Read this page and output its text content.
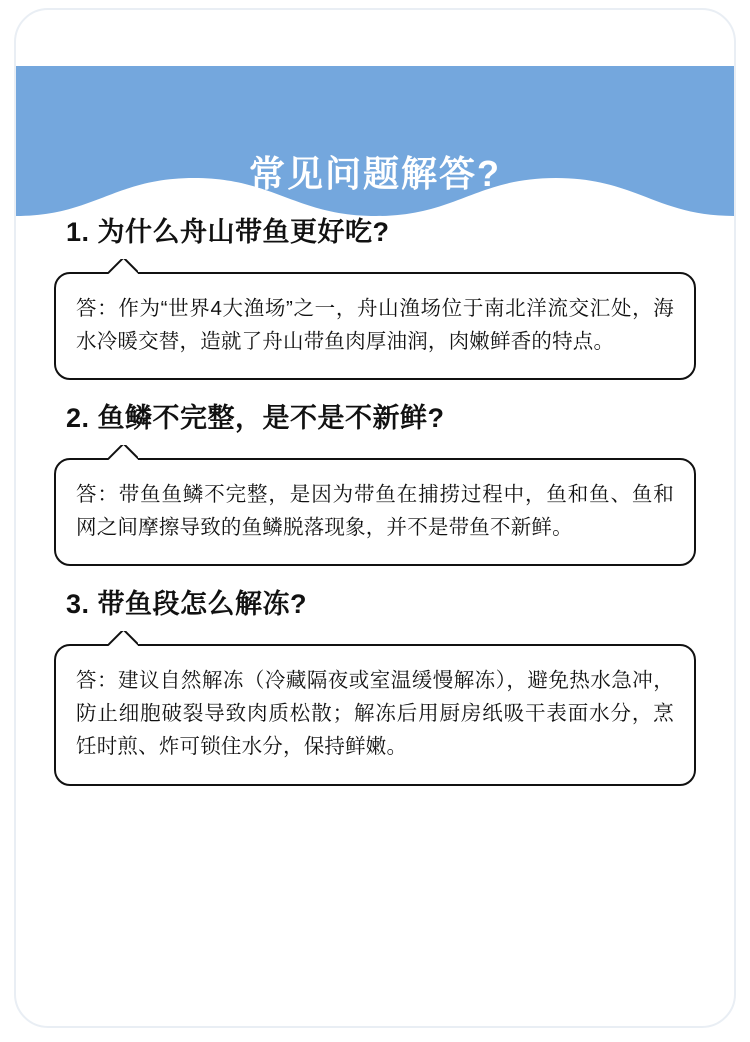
常见问题解答?
1. 为什么舟山带鱼更好吃?
答：作为“世界4大渔场”之一，舟山渔场位于南北洋流交汇处，海水冷暖交替，造就了舟山带鱼肉厚油润，肉嫩鲜香的特点。
2. 鱼鳞不完整，是不是不新鲜?
答：带鱼鱼鳞不完整，是因为带鱼在捕捞过程中，鱼和鱼、鱼和网之间摩擦导致的鱼鳞脱落现象，并不是带鱼不新鲜。
3. 带鱼段怎么解冻?
答：建议自然解冻（冷藏隔夜或室温缓慢解冻），避免热水急冲，防止细胞破裂导致肉质松散；解冻后用厨房纸吸干表面水分，烹饪时煎、炸可锁住水分，保持鲜嫩。
